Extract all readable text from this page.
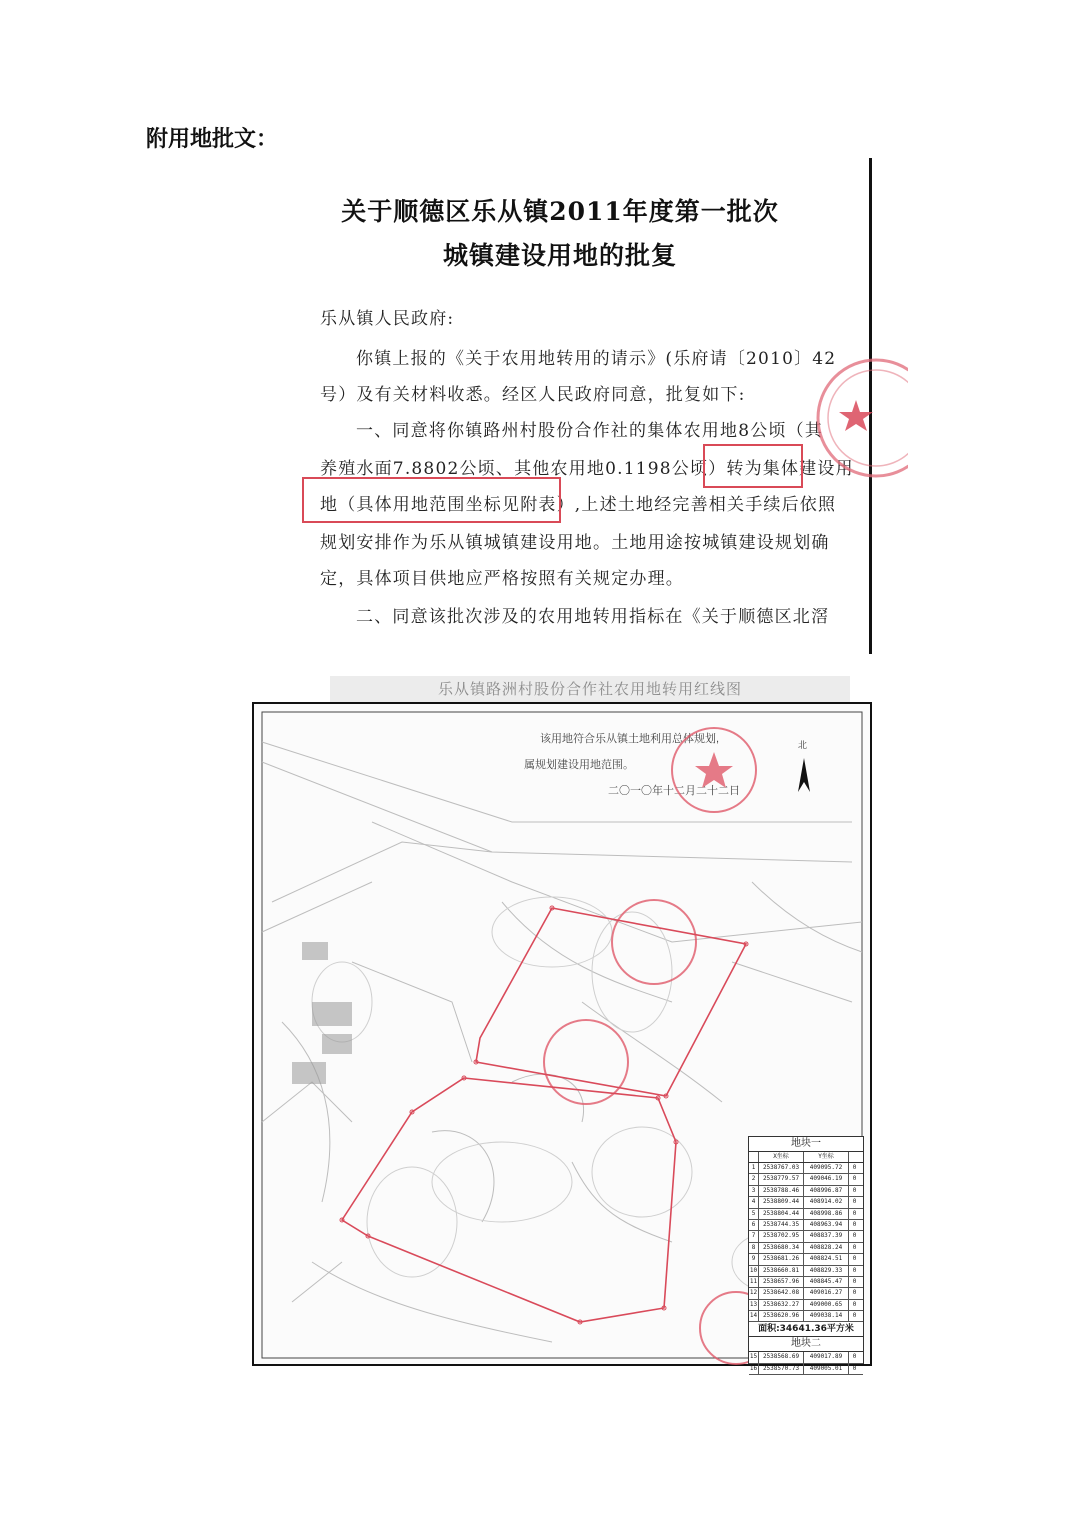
附用地批文：
关于顺德区乐从镇2011年度第一批次
城镇建设用地的批复
乐从镇人民政府:
你镇上报的《关于农用地转用的请示》(乐府请〔2010〕42
号）及有关材料收悉。经区人民政府同意，批复如下:
一、同意将你镇路州村股份合作社的集体农用地8公顷（其
养殖水面7.8802公顷、其他农用地0.1198公顷）转为集体建设用
地（具体用地范围坐标见附表）,上述土地经完善相关手续后依照
规划安排作为乐从镇城镇建设用地。土地用途按城镇建设规划确
定，具体项目供地应严格按照有关规定办理。
二、同意该批次涉及的农用地转用指标在《关于顺德区北滘
乐从镇路洲村股份合作社农用地转用红线图
该用地符合乐从镇土地利用总体规划,
属规划建设用地范围。
二〇一〇年十二月二十二日
北
地块一
X坐标	Y坐标
1	2538767.03	409095.72	0
2	2538779.57	409046.19	0
3	2538788.46	408996.87	0
4	2538809.44	408914.02	0
5	2538804.44	408998.86	0
6	2538744.35	408963.94	0
7	2538702.95	408837.39	0
8	2538680.34	408828.24	0
9	2538681.26	408824.51	0
10 2538660.81	408829.33	0
11 2538657.96	408845.47	0
12 2538642.08	409016.27	0
13 2538632.27	409000.65	0
14 2538620.96	409038.14	0
面积:34641.36平方米
地块二
15 2538568.69	409017.89	0
16 2538570.73	409005.01	0
